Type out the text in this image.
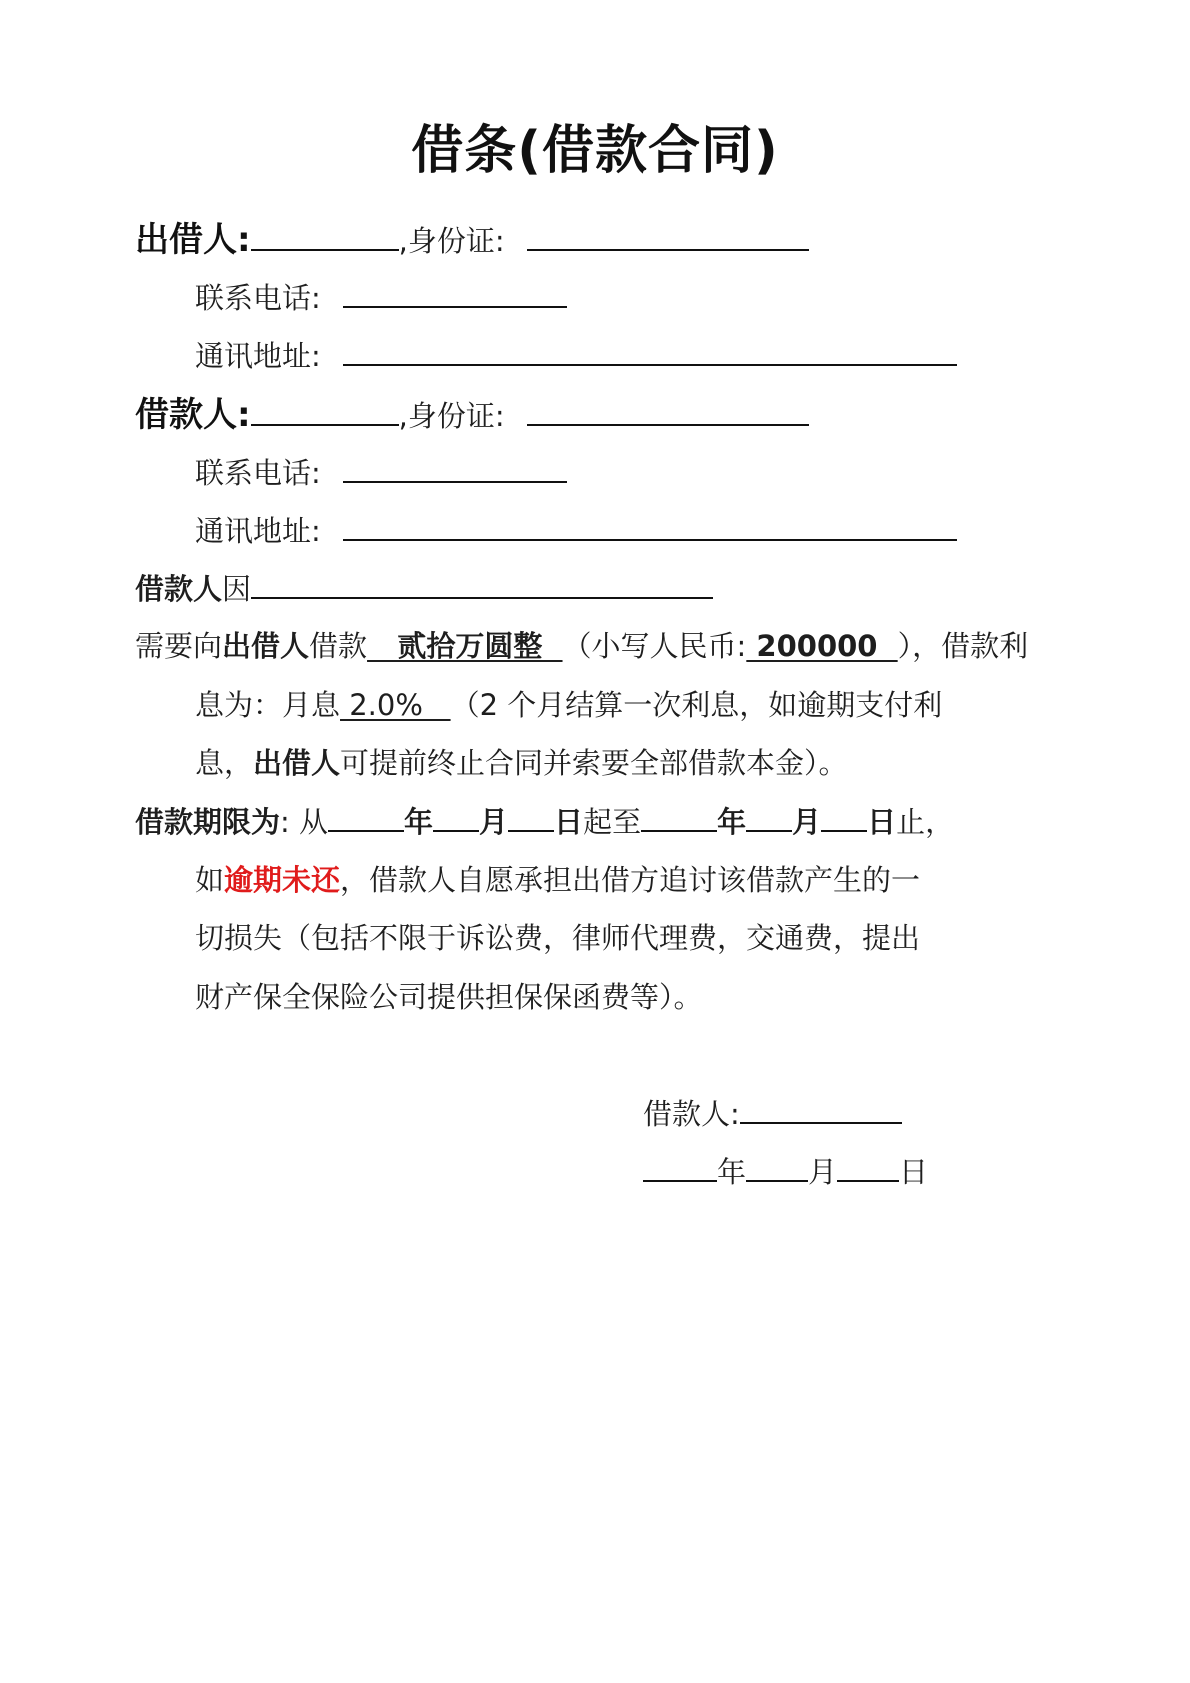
借条(借款合同)
出借人:	,身份证:
联系电话:
通讯地址:
借款人:	,身份证:
联系电话:
通讯地址:
借款人因
需要向出借人借款   贰拾万圆整  （小写人民币: 200000  ），借款利
息为：月息 2.0%   （2 个月结算一次利息，如逾期支付利
息，出借人可提前终止合同并索要全部借款本金）。
借款期限为: 从	年 月 日起至	年 月 日止，
如逾期未还，借款人自愿承担出借方追讨该借款产生的一
切损失（包括不限于诉讼费，律师代理费，交通费，提出
财产保全保险公司提供担保保函费等）。
借款人:
年 月 日
